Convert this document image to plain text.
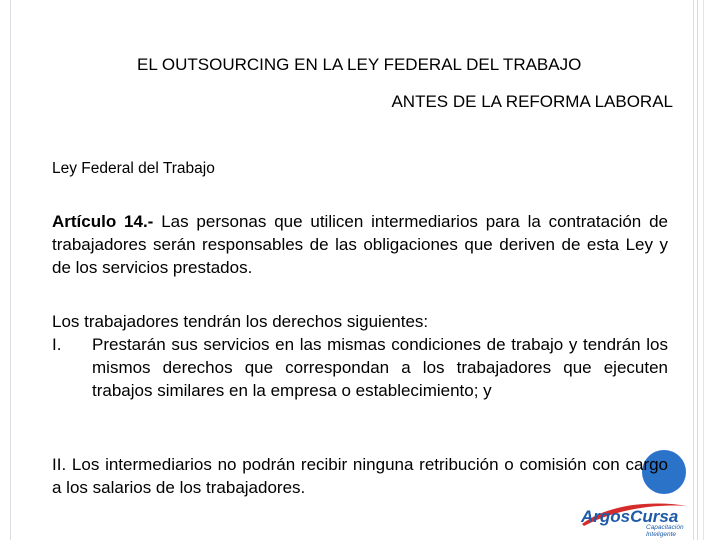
EL OUTSOURCING EN LA LEY FEDERAL DEL TRABAJO
ANTES DE LA REFORMA LABORAL
Ley Federal del Trabajo

Artículo 14.- Las personas que utilicen intermediarios para la contratación de trabajadores serán responsables de las obligaciones que deriven de esta Ley y de los servicios prestados.

Los trabajadores tendrán los derechos siguientes:
I. Prestarán sus servicios en las mismas condiciones de trabajo y tendrán los mismos derechos que correspondan a los trabajadores que ejecuten trabajos similares en la empresa o establecimiento; y

II. Los intermediarios no podrán recibir ninguna retribución o comisión con cargo a los salarios de los trabajadores.

ArgosCursa
Capacitación
Inteligente
